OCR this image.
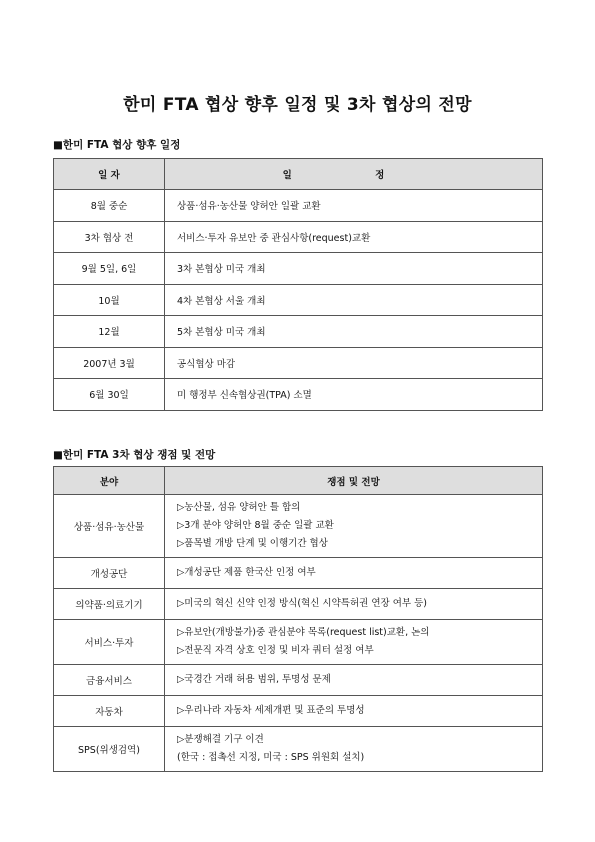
한미 FTA 협상 향후 일정 및 3차 협상의 전망
■한미 FTA 협상 향후 일정
일 자	일 정
8월 중순	상품·섬유·농산물 양허안 일괄 교환
3차 협상 전	서비스·투자 유보안 중 관심사항(request)교환
9월 5일, 6일	3차 본협상 미국 개최
10월	4차 본협상 서울 개최
12월	5차 본협상 미국 개최
2007년 3월	공식협상 마감
6월 30일	미 행정부 신속협상권(TPA) 소멸
■한미 FTA 3차 협상 쟁점 및 전망
분야	쟁점 및 전망
상품·섬유·농산물	▷농산물, 섬유 양허안 틀 합의
▷3개 분야 양허안 8월 중순 일괄 교환
▷품목별 개방 단계 및 이행기간 협상

개성공단	▷개성공단 제품 한국산 인정 여부

의약품·의료기기	▷미국의 혁신 신약 인정 방식(혁신 시약특허권 연장 여부 등)

서비스·투자	▷유보안(개방불가)중 관심분야 목록(request list)교환, 논의
▷전문직 자격 상호 인정 및 비자 쿼터 설정 여부

금융서비스	▷국경간 거래 허용 범위, 투명성 문제

자동차	▷우리나라 자동차 세제개편 및 표준의 투명성

SPS(위생검역)	▷분쟁해결 기구 이견
(한국 : 접촉선 지정, 미국 : SPS 위원회 설치)
